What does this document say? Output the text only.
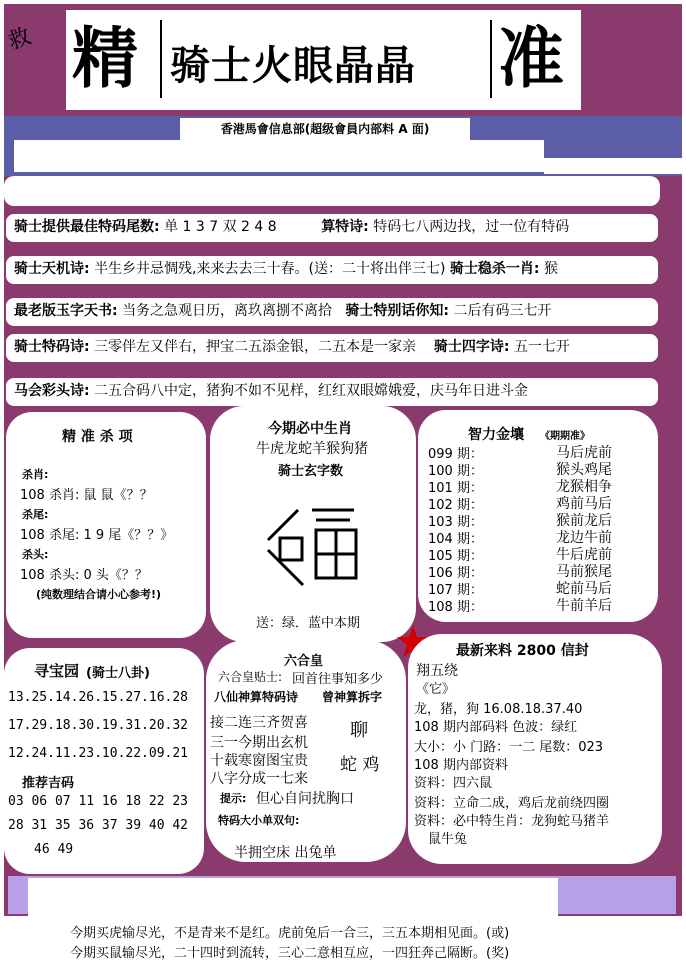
救 精 骑士火眼晶晶 准
香港馬會信息部(超级會員内部料 A 面)
骑士提供最佳特码尾数: 单 1 3 7 双 2 4 8	算特诗: 特码七八两边找，过一位有特码
骑士天机诗: 半生乡井忌惆残,来来去去三十春。(送：二十将出伴三七) 骑士稳杀一肖: 猴
最老版玉字天书: 当务之急观日历，离玖离捌不离拾 骑士特别话你知: 二后有码三七开
骑士特码诗: 三零伴左又伴右，押宝二五添金银，二五本是一家亲 骑士四字诗: 五一七开
马会彩头诗: 二五合码八中定，猪狗不如不见样，红红双眼嫦娥爱，庆马年日进斗金
精 准 杀 项
杀肖:
108 杀肖: 鼠 鼠《？？
杀尾:
108 杀尾: 1 9 尾《？？》
杀头:
108 杀头: 0 头《？？
(纯数理结合请小心参考!)
今期必中生肖
牛虎龙蛇羊猴狗猪
骑士玄字数
送：绿．蓝中本期
智力金壤 《期期准》
099 期：	马后虎前
100 期：	猴头鸡尾
101 期：	龙猴相争
102 期：	鸡前马后
103 期：	猴前龙后
104 期：	龙边牛前
105 期：	牛后虎前
106 期：	马前猴尾
107 期：	蛇前马后
108 期：	牛前羊后
寻宝园 (骑士八卦)
13.25.14.26.15.27.16.28
17.29.18.30.19.31.20.32
12.24.11.23.10.22.09.21
推荐吉码
03 06 07 11 16 18 22 23
28 31 35 36 37 39 40 42
46 49
六合皇
六合皇贴士: 回首往事知多少
八仙神算特码诗 曾神算拆字
接二连三齐贺喜
三一今期出玄机
十载寒窗图宝贵
八字分成一七来
聊
蛇 鸡
提示: 但心自问扰胸口
特码大小单双句:
半拥空床 出兔单
最新来料 2800 信封
翔五绕
《它》
龙，猪，狗 16.08.18.37.40
108 期内部码料 色波：绿红
大小：小 门路：一二 尾数：023
108 期内部资料
资料：四六鼠
资料：立命二成，鸡后龙前绕四圈
资料：必中特生肖：龙狗蛇马猪羊
鼠牛兔
今期买虎输尽光，不是青来不是红。虎前兔后一合三，三五本期相见面。(或)
今期买鼠输尽光，二十四时到流转，三心二意相互应，一四狂奔己隔断。(奖)
